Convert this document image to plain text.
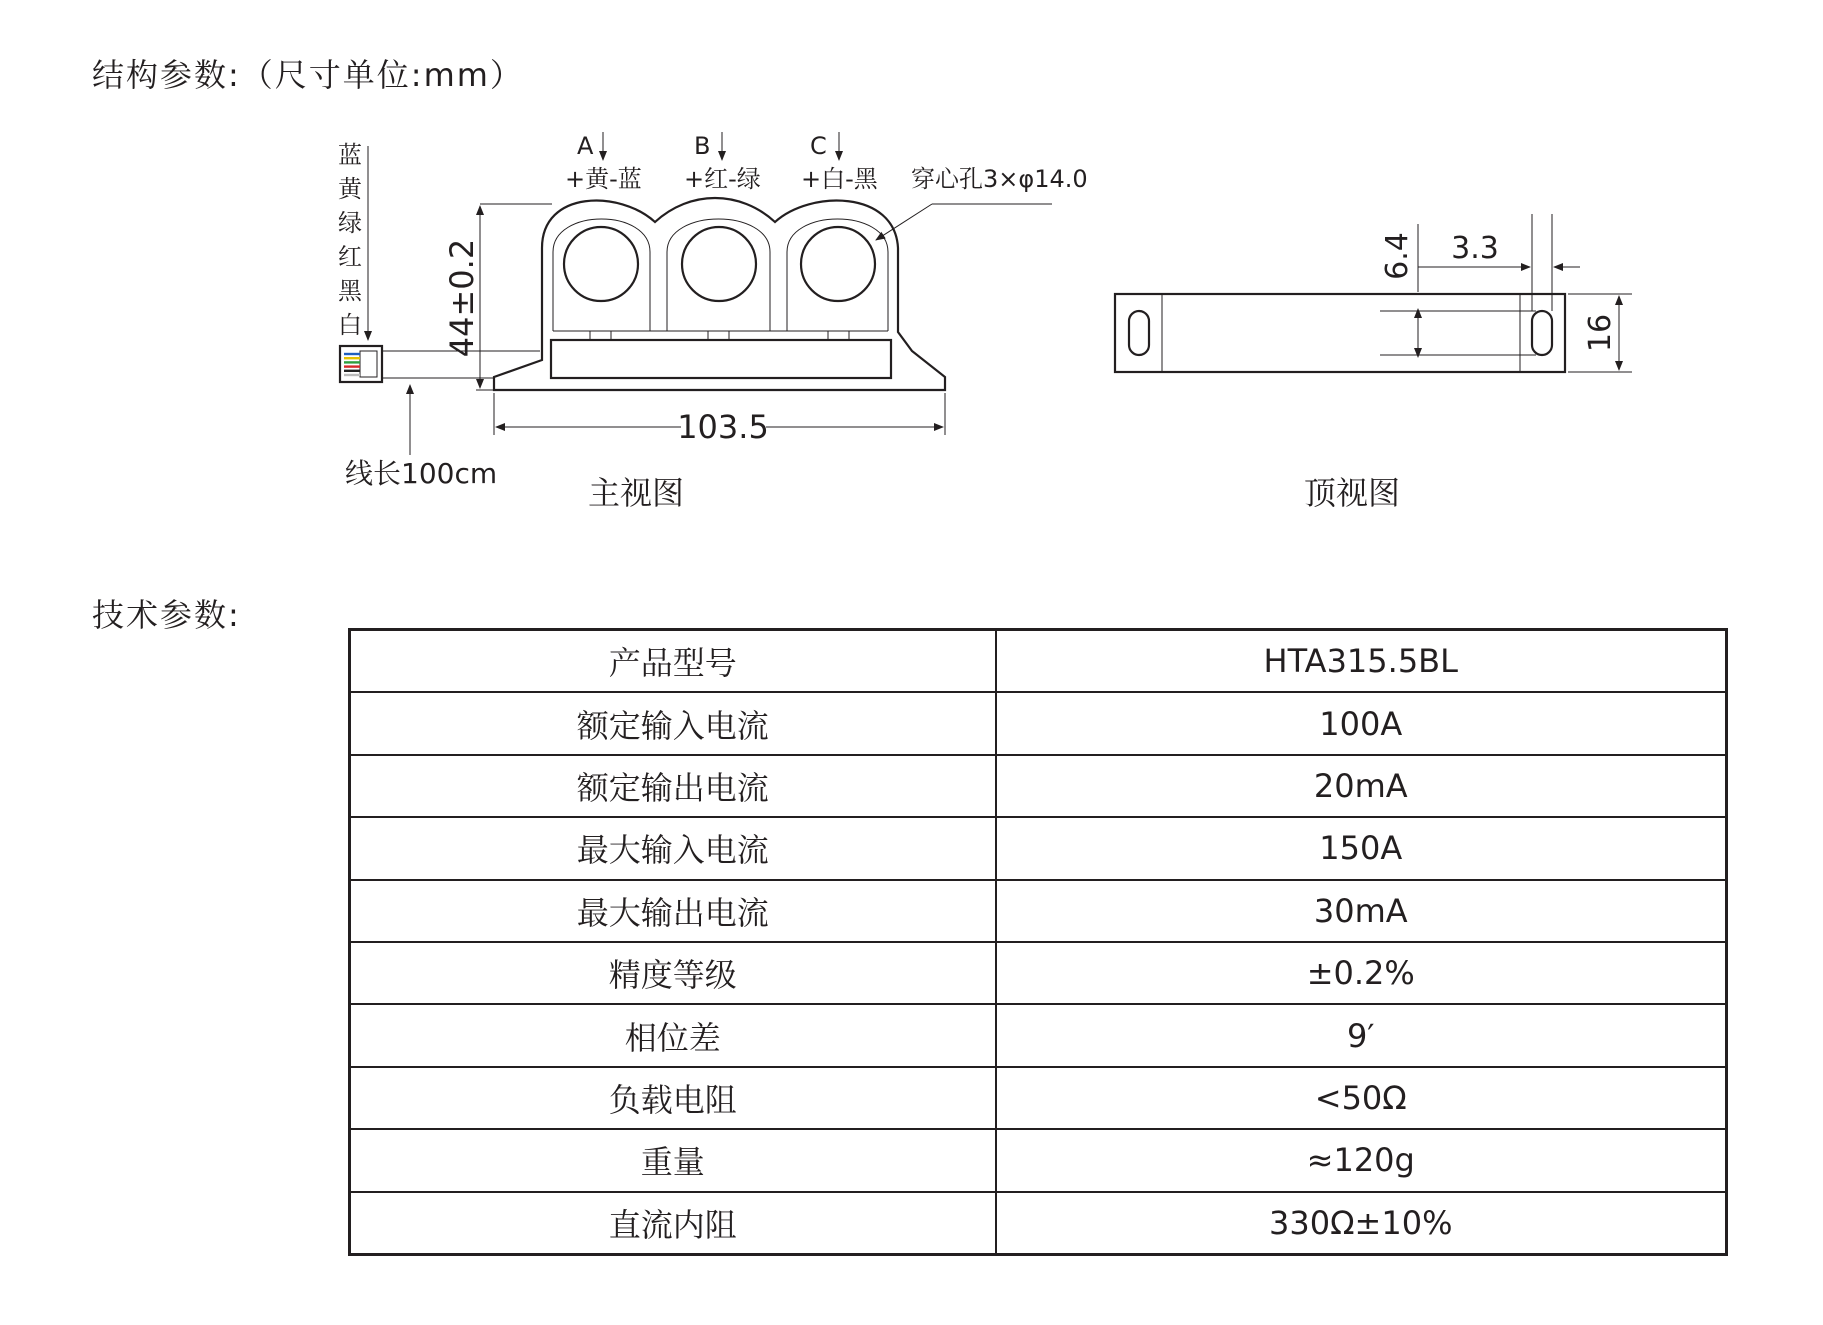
结构参数:（尺寸单位:mm）
蓝
黄
绿
红
黑
白
A
+黄-蓝
B
+红-绿
C
+白-黑 穿心孔3×φ14.0
44±0.2
103.5
线长100cm
主视图
6.4 3.3
16
顶视图
技术参数:
产品型号	HTA315.5BL
额定输入电流	100A
额定输出电流	20mA
最大输入电流	150A
最大输出电流	30mA
精度等级	±0.2%
相位差	9′
负载电阻	<50Ω
重量	≈120g
直流内阻	330Ω±10%
